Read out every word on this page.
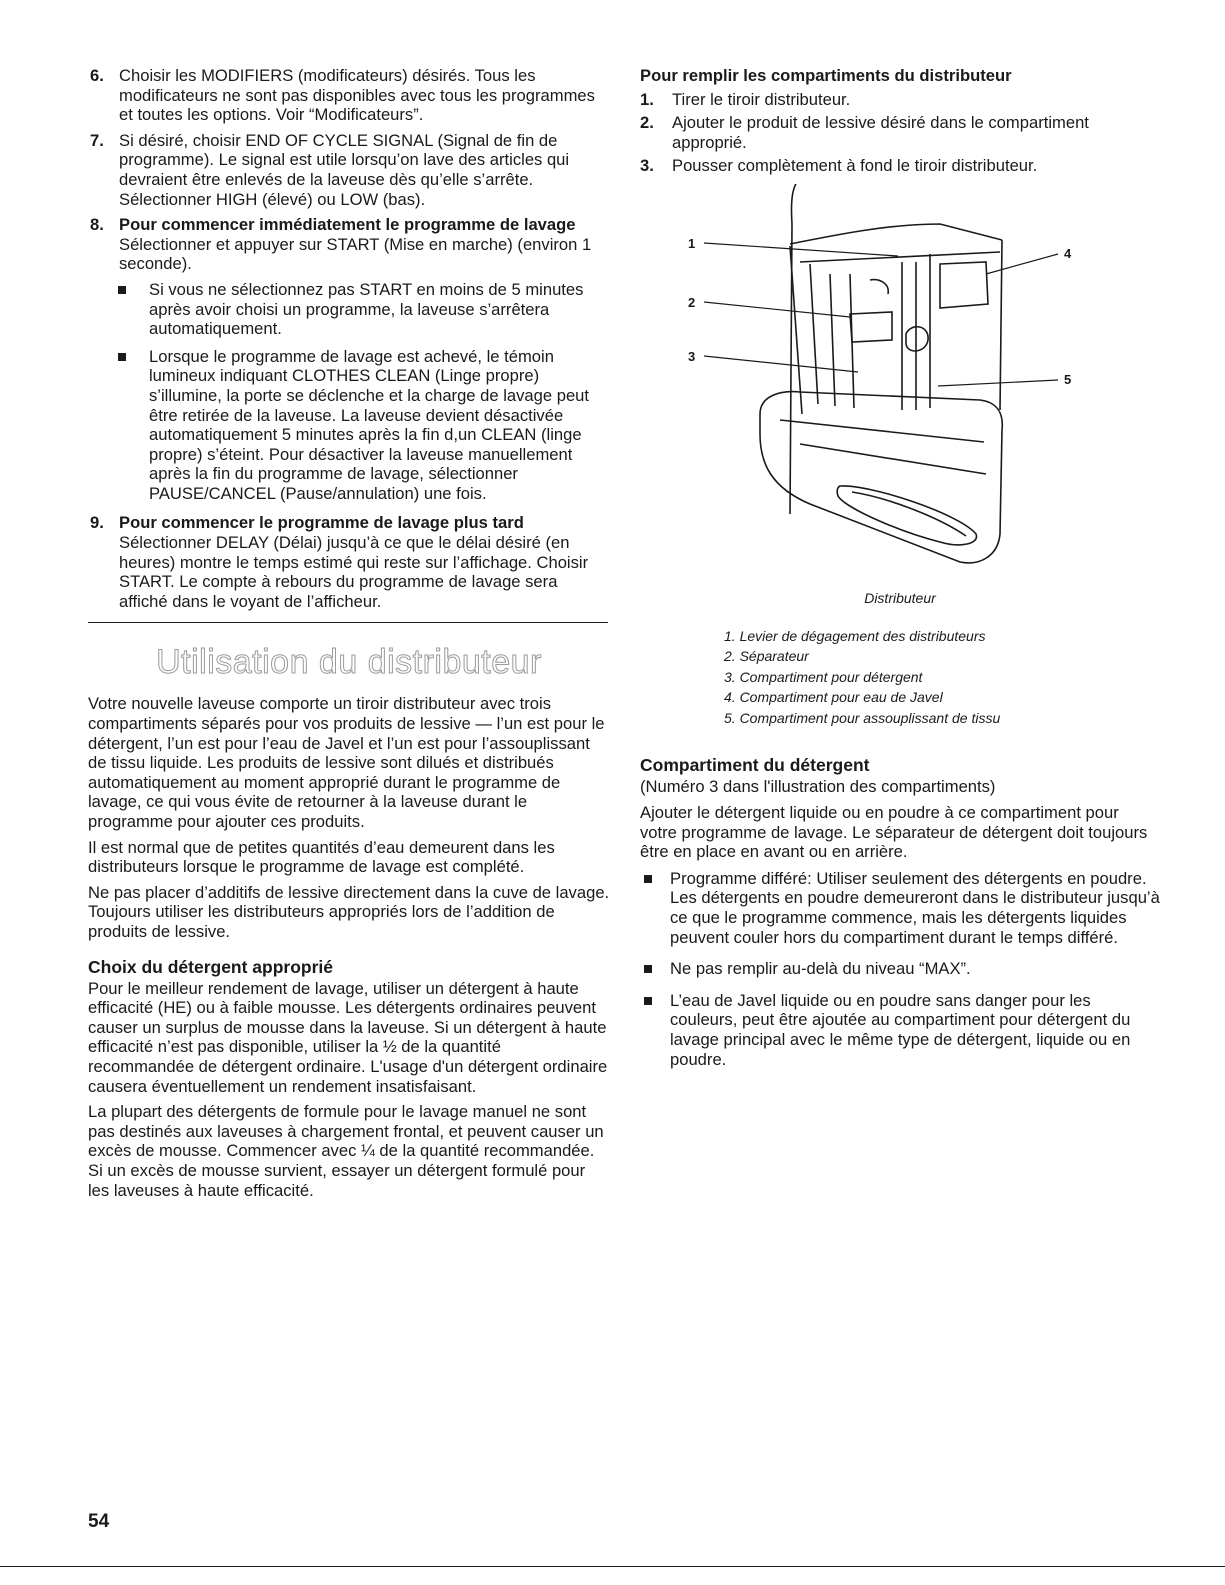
6. Choisir les MODIFIERS (modificateurs) désirés. Tous les modificateurs ne sont pas disponibles avec tous les programmes et toutes les options. Voir “Modificateurs”.

7. Si désiré, choisir END OF CYCLE SIGNAL (Signal de fin de programme). Le signal est utile lorsqu’on lave des articles qui devraient être enlevés de la laveuse dès qu’elle s’arrête. Sélectionner HIGH (élevé) ou LOW (bas).

8. Pour commencer immédiatement le programme de lavage

Sélectionner et appuyer sur START (Mise en marche) (environ 1 seconde).

Si vous ne sélectionnez pas START en moins de 5 minutes après avoir choisi un programme, la laveuse s’arrêtera automatiquement.

Lorsque le programme de lavage est achevé, le témoin lumineux indiquant CLOTHES CLEAN (Linge propre) s’illumine, la porte se déclenche et la charge de lavage peut être retirée de la laveuse. La laveuse devient désactivée automatiquement 5 minutes après la fin d,un CLEAN (linge propre) s’éteint. Pour désactiver la laveuse manuellement après la fin du programme de lavage, sélectionner PAUSE/CANCEL (Pause/annulation) une fois.

9. Pour commencer le programme de lavage plus tard

Sélectionner DELAY (Délai) jusqu’à ce que le délai désiré (en heures) montre le temps estimé qui reste sur l’affichage. Choisir START. Le compte à rebours du programme de lavage sera affiché dans le voyant de l’afficheur.

Utilisation du distributeur

Votre nouvelle laveuse comporte un tiroir distributeur avec trois compartiments séparés pour vos produits de lessive — l’un est pour le détergent, l’un est pour l’eau de Javel et l’un est pour l’assouplissant de tissu liquide. Les produits de lessive sont dilués et distribués automatiquement au moment approprié durant le programme de lavage, ce qui vous évite de retourner à la laveuse durant le programme pour ajouter ces produits.

Il est normal que de petites quantités d’eau demeurent dans les distributeurs lorsque le programme de lavage est complété.

Ne pas placer d’additifs de lessive directement dans la cuve de lavage. Toujours utiliser les distributeurs appropriés lors de l’addition de produits de lessive.

Choix du détergent approprié

Pour le meilleur rendement de lavage, utiliser un détergent à haute efficacité (HE) ou à faible mousse. Les détergents ordinaires peuvent causer un surplus de mousse dans la laveuse. Si un détergent à haute efficacité n’est pas disponible, utiliser la ½ de la quantité recommandée de détergent ordinaire. L'usage d'un détergent ordinaire causera éventuellement un rendement insatisfaisant.

La plupart des détergents de formule pour le lavage manuel ne sont pas destinés aux laveuses à chargement frontal, et peuvent causer un excès de mousse. Commencer avec ¼ de la quantité recommandée. Si un excès de mousse survient, essayer un détergent formulé pour les laveuses à haute efficacité.

Pour remplir les compartiments du distributeur

1. Tirer le tiroir distributeur.

2. Ajouter le produit de lessive désiré dans le compartiment approprié.

3. Pousser complètement à fond le tiroir distributeur.

1
2
3
4
5
Distributeur
1. Levier de dégagement des distributeurs
2. Séparateur
3. Compartiment pour détergent
4. Compartiment pour eau de Javel
5. Compartiment pour assouplissant de tissu
Compartiment du détergent

(Numéro 3 dans l'illustration des compartiments)

Ajouter le détergent liquide ou en poudre à ce compartiment pour votre programme de lavage. Le séparateur de détergent doit toujours être en place en avant ou en arrière.

Programme différé: Utiliser seulement des détergents en poudre. Les détergents en poudre demeureront dans le distributeur jusqu’à ce que le programme commence, mais les détergents liquides peuvent couler hors du compartiment durant le temps différé.

Ne pas remplir au-delà du niveau “MAX”.

L’eau de Javel liquide ou en poudre sans danger pour les couleurs, peut être ajoutée au compartiment pour détergent du lavage principal avec le même type de détergent, liquide ou en poudre.

54
